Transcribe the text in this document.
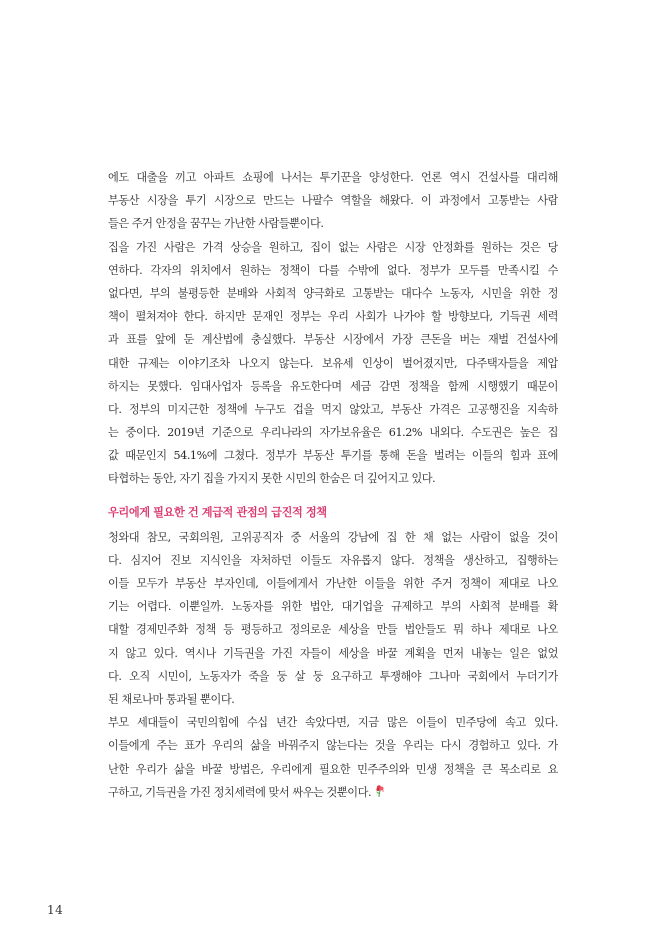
에도 대출을 끼고 아파트 쇼핑에 나서는 투기꾼을 양성한다. 언론 역시 건설사를 대리해
부동산 시장을 투기 시장으로 만드는 나팔수 역할을 해왔다. 이 과정에서 고통받는 사람
들은 주거 안정을 꿈꾸는 가난한 사람들뿐이다.
집을 가진 사람은 가격 상승을 원하고, 집이 없는 사람은 시장 안정화를 원하는 것은 당
연하다. 각자의 위치에서 원하는 정책이 다를 수밖에 없다. 정부가 모두를 만족시킬 수
없다면, 부의 불평등한 분배와 사회적 양극화로 고통받는 대다수 노동자, 시민을 위한 정
책이 펼쳐져야 한다. 하지만 문재인 정부는 우리 사회가 나가야 할 방향보다, 기득권 세력
과 표를 앞에 둔 계산법에 충실했다. 부동산 시장에서 가장 큰돈을 버는 재벌 건설사에
대한 규제는 이야기조차 나오지 않는다. 보유세 인상이 벌어졌지만, 다주택자들을 제압
하지는 못했다. 임대사업자 등록을 유도한다며 세금 감면 정책을 함께 시행했기 때문이
다. 정부의 미지근한 정책에 누구도 겁을 먹지 않았고, 부동산 가격은 고공행진을 지속하
는 중이다. 2019년 기준으로 우리나라의 자가보유율은 61.2% 내외다. 수도권은 높은 집
값 때문인지 54.1%에 그쳤다. 정부가 부동산 투기를 통해 돈을 벌려는 이들의 힘과 표에
타협하는 동안, 자기 집을 가지지 못한 시민의 한숨은 더 깊어지고 있다.
우리에게 필요한 건 계급적 관점의 급진적 정책
청와대 참모, 국회의원, 고위공직자 중 서울의 강남에 집 한 채 없는 사람이 없을 것이
다. 심지어 진보 지식인을 자처하던 이들도 자유롭지 않다. 정책을 생산하고, 집행하는
이들 모두가 부동산 부자인데, 이들에게서 가난한 이들을 위한 주거 정책이 제대로 나오
기는 어렵다. 이뿐일까. 노동자를 위한 법안, 대기업을 규제하고 부의 사회적 분배를 확
대할 경제민주화 정책 등 평등하고 정의로운 세상을 만들 법안들도 뭐 하나 제대로 나오
지 않고 있다. 역시나 기득권을 가진 자들이 세상을 바꿀 계획을 먼저 내놓는 일은 없었
다. 오직 시민이, 노동자가 죽을 둥 살 둥 요구하고 투쟁해야 그나마 국회에서 누더기가
된 채로나마 통과될 뿐이다.
부모 세대들이 국민의힘에 수십 년간 속았다면, 지금 많은 이들이 민주당에 속고 있다.
이들에게 주는 표가 우리의 삶을 바꿔주지 않는다는 것을 우리는 다시 경험하고 있다. 가
난한 우리가 삶을 바꿀 방법은, 우리에게 필요한 민주주의와 민생 정책을 큰 목소리로 요
구하고, 기득권을 가진 정치세력에 맞서 싸우는 것뿐이다.
14
